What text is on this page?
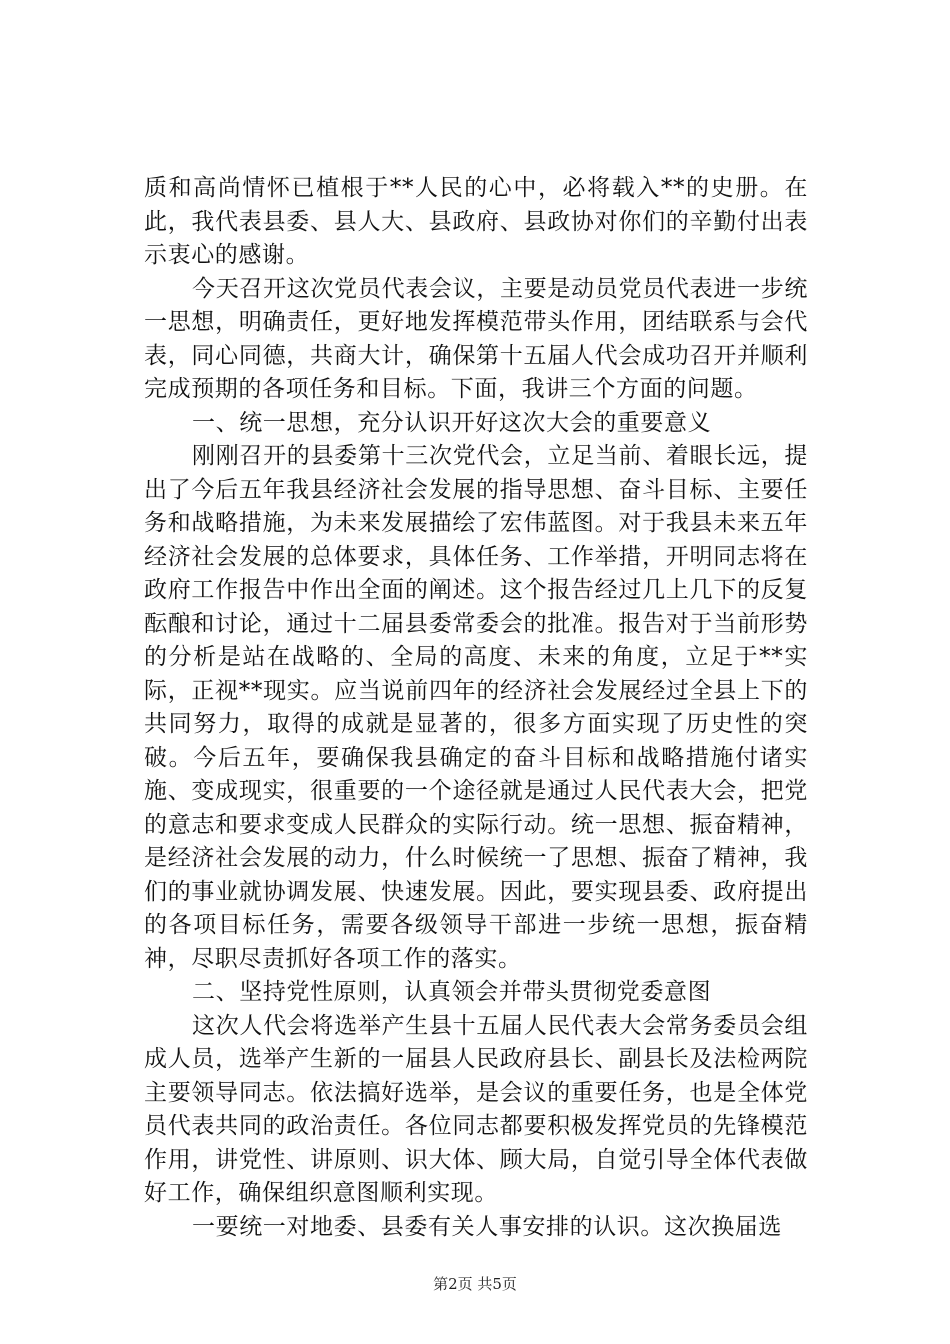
质和高尚情怀已植根于**人民的心中，必将载入**的史册。在此，我代表县委、县人大、县政府、县政协对你们的辛勤付出表示衷心的感谢。

今天召开这次党员代表会议，主要是动员党员代表进一步统一思想，明确责任，更好地发挥模范带头作用，团结联系与会代表，同心同德，共商大计，确保第十五届人代会成功召开并顺利完成预期的各项任务和目标。下面，我讲三个方面的问题。

一、统一思想，充分认识开好这次大会的重要意义

刚刚召开的县委第十三次党代会，立足当前、着眼长远，提出了今后五年我县经济社会发展的指导思想、奋斗目标、主要任务和战略措施，为未来发展描绘了宏伟蓝图。对于我县未来五年经济社会发展的总体要求，具体任务、工作举措，开明同志将在政府工作报告中作出全面的阐述。这个报告经过几上几下的反复酝酿和讨论，通过十二届县委常委会的批准。报告对于当前形势的分析是站在战略的、全局的高度、未来的角度，立足于**实际，正视**现实。应当说前四年的经济社会发展经过全县上下的共同努力，取得的成就是显著的，很多方面实现了历史性的突破。今后五年，要确保我县确定的奋斗目标和战略措施付诸实施、变成现实，很重要的一个途径就是通过人民代表大会，把党的意志和要求变成人民群众的实际行动。统一思想、振奋精神，是经济社会发展的动力，什么时候统一了思想、振奋了精神，我们的事业就协调发展、快速发展。因此，要实现县委、政府提出的各项目标任务，需要各级领导干部进一步统一思想，振奋精神，尽职尽责抓好各项工作的落实。

二、坚持党性原则，认真领会并带头贯彻党委意图

这次人代会将选举产生县十五届人民代表大会常务委员会组成人员，选举产生新的一届县人民政府县长、副县长及法检两院主要领导同志。依法搞好选举，是会议的重要任务，也是全体党员代表共同的政治责任。各位同志都要积极发挥党员的先锋模范作用，讲党性、讲原则、识大体、顾大局，自觉引导全体代表做好工作，确保组织意图顺利实现。

一要统一对地委、县委有关人事安排的认识。这次换届选

第2页 共5页
